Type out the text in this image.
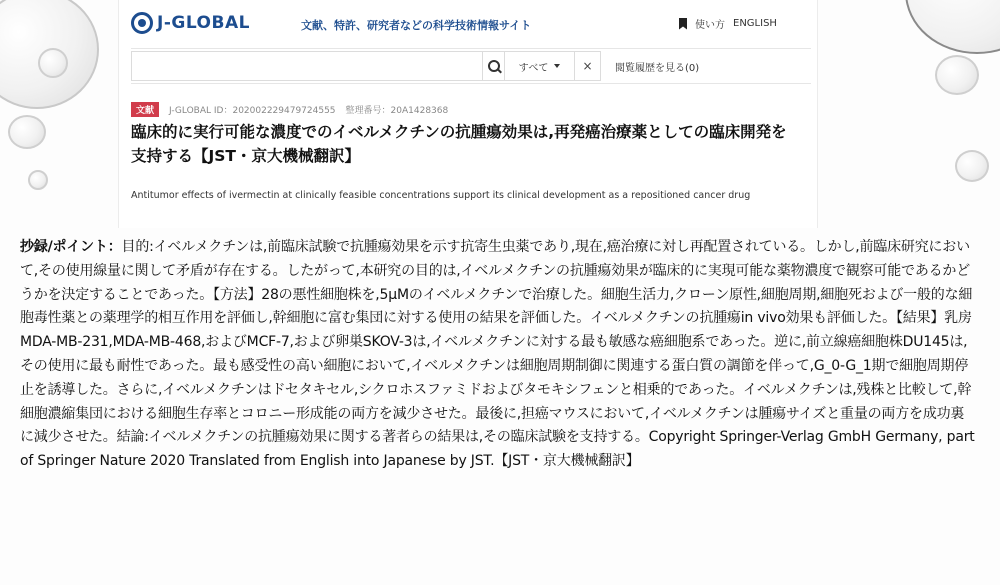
J-GLOBAL	文献、特許、研究者などの科学技術情報サイト	使い方 ENGLISH
すべて	×	閲覧履歴を見る(0)
文献	J-GLOBAL ID：202002229479724555 整理番号：20A1428368
臨床的に実行可能な濃度でのイベルメクチンの抗腫瘍効果は,再発癌治療薬としての臨床開発を支持する【JST・京大機械翻訳】
Antitumor effects of ivermectin at clinically feasible concentrations support its clinical development as a repositioned cancer drug
抄録/ポイント：目的:イベルメクチンは,前臨床試験で抗腫瘍効果を示す抗寄生虫薬であり,現在,癌治療に対し再配置されている。しかし,前臨床研究において,その使用線量に関して矛盾が存在する。したがって,本研究の目的は,イベルメクチンの抗腫瘍効果が臨床的に実現可能な薬物濃度で観察可能であるかどうかを決定することであった。【方法】28の悪性細胞株を,5μMのイベルメクチンで治療した。細胞生活力,クローン原性,細胞周期,細胞死および一般的な細胞毒性薬との薬理学的相互作用を評価し,幹細胞に富む集団に対する使用の結果を評価した。イベルメクチンの抗腫瘍in vivo効果も評価した。【結果】乳房MDA-MB-231,MDA-MB-468,およびMCF-7,および卵巣SKOV-3は,イベルメクチンに対する最も敏感な癌細胞系であった。逆に,前立線癌細胞株DU145は,その使用に最も耐性であった。最も感受性の高い細胞において,イベルメクチンは細胞周期制御に関連する蛋白質の調節を伴って,G_0-G_1期で細胞周期停止を誘導した。さらに,イベルメクチンはドセタキセル,シクロホスファミドおよびタモキシフェンと相乗的であった。イベルメクチンは,残株と比較して,幹細胞濃縮集団における細胞生存率とコロニー形成能の両方を減少させた。最後に,担癌マウスにおいて,イベルメクチンは腫瘍サイズと重量の両方を成功裏に減少させた。結論:イベルメクチンの抗腫瘍効果に関する著者らの結果は,その臨床試験を支持する。Copyright Springer-Verlag GmbH Germany, part of Springer Nature 2020 Translated from English into Japanese by JST.【JST・京大機械翻訳】
